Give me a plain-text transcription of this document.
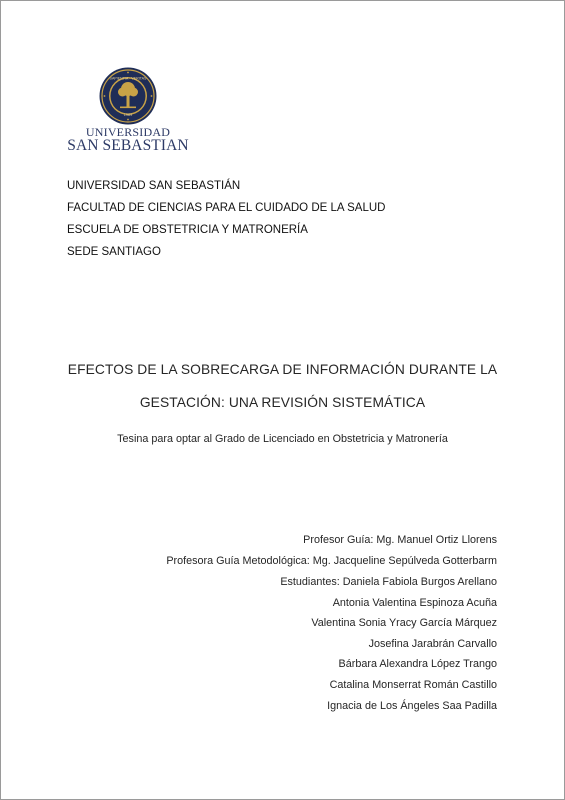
SAPIENTIA · VERITAS
1989
UNIVERSIDAD
SAN SEBASTIAN
UNIVERSIDAD SAN SEBASTIÁN
FACULTAD DE CIENCIAS PARA EL CUIDADO DE LA SALUD
ESCUELA DE OBSTETRICIA Y MATRONERÍA
SEDE SANTIAGO
EFECTOS DE LA SOBRECARGA DE INFORMACIÓN DURANTE LA
GESTACIÓN: UNA REVISIÓN SISTEMÁTICA
Tesina para optar al Grado de Licenciado en Obstetricia y Matronería
Profesor Guía: Mg. Manuel Ortiz Llorens
Profesora Guía Metodológica: Mg. Jacqueline Sepúlveda Gotterbarm
Estudiantes: Daniela Fabiola Burgos Arellano
Antonia Valentina Espinoza Acuña
Valentina Sonia Yracy García Márquez
Josefina Jarabrán Carvallo
Bárbara Alexandra López Trango
Catalina Monserrat Román Castillo
Ignacia de Los Ángeles Saa Padilla
